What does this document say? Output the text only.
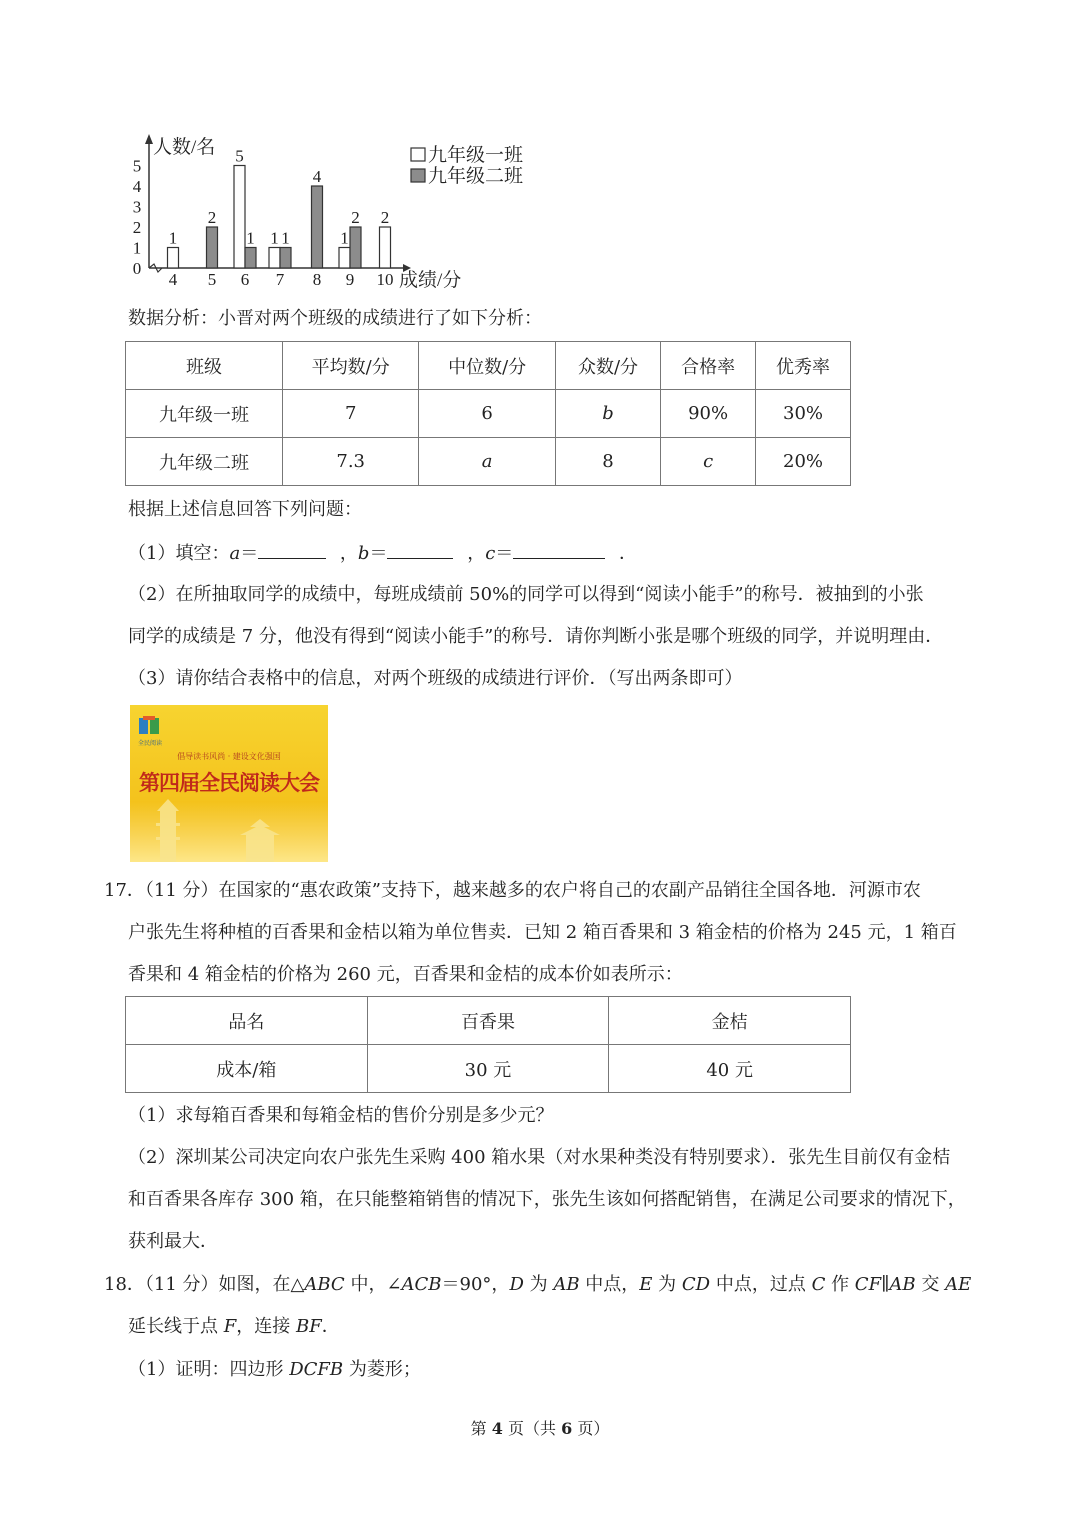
人数/名
成绩/分
0
1
2
3
4
5
4
1
5
2
6
5
1
7
1 1
8
4
9
1
2
10
2
九年级一班
九年级二班
数据分析：小晋对两个班级的成绩进行了如下分析：
班级	平均数/分	中位数/分	众数/分	合格率	优秀率
九年级一班	7	6	b	90%	30%
九年级二班	7.3	a	8	c	20%
根据上述信息回答下列问题：
（1）填空：a＝	，b＝	，c＝	．
（2）在所抽取同学的成绩中，每班成绩前 50%的同学可以得到“阅读小能手”的称号．被抽到的小张
同学的成绩是 7 分，他没有得到“阅读小能手”的称号．请你判断小张是哪个班级的同学，并说明理由．
（3）请你结合表格中的信息，对两个班级的成绩进行评价．（写出两条即可）
全民阅读
倡导读书风尚 · 建设文化强国
第四届全民阅读大会
17．（11 分）在国家的“惠农政策”支持下，越来越多的农户将自己的农副产品销往全国各地．河源市农
户张先生将种植的百香果和金桔以箱为单位售卖．已知 2 箱百香果和 3 箱金桔的价格为 245 元，1 箱百
香果和 4 箱金桔的价格为 260 元，百香果和金桔的成本价如表所示：
品名	百香果	金桔
成本/箱	30 元	40 元
（1）求每箱百香果和每箱金桔的售价分别是多少元？
（2）深圳某公司决定向农户张先生采购 400 箱水果（对水果种类没有特别要求）．张先生目前仅有金桔
和百香果各库存 300 箱，在只能整箱销售的情况下，张先生该如何搭配销售，在满足公司要求的情况下，
获利最大．
18．（11 分）如图，在△ABC 中，∠ACB＝90°，D 为 AB 中点，E 为 CD 中点，过点 C 作 CF∥AB 交 AE
延长线于点 F，连接 BF．
（1）证明：四边形 DCFB 为菱形；
第 4 页（共 6 页）
